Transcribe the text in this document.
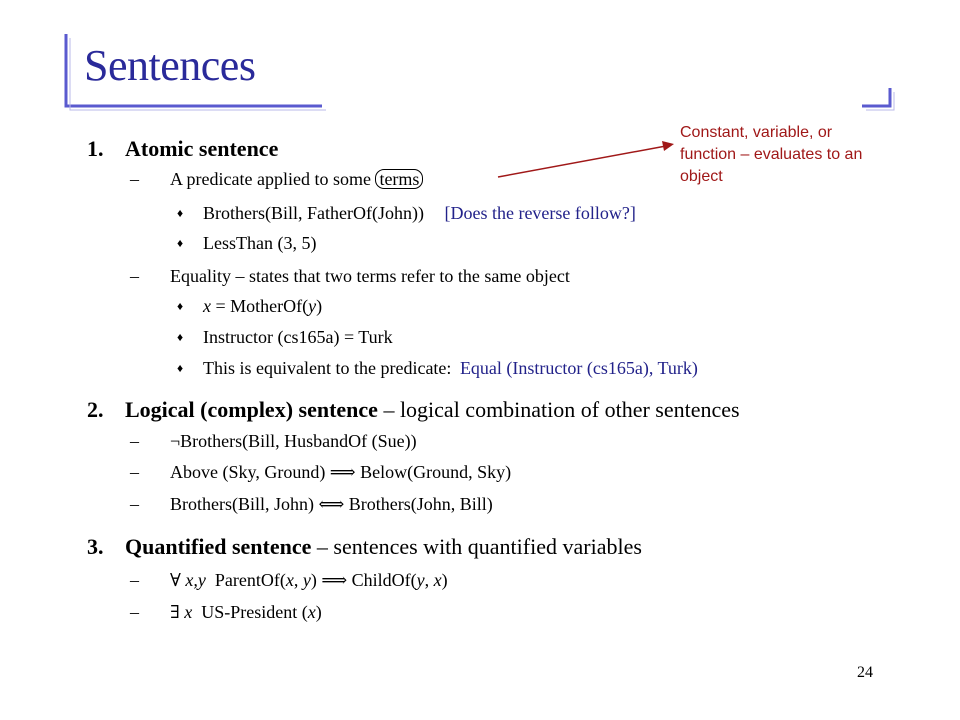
Sentences
Constant, variable, or
function – evaluates to an
object
1. Atomic sentence
– A predicate applied to some terms
♦ Brothers(Bill, FatherOf(John)) [Does the reverse follow?]
♦ LessThan (3, 5)
– Equality – states that two terms refer to the same object
♦ x = MotherOf(y)
♦ Instructor (cs165a) = Turk
♦ This is equivalent to the predicate: Equal (Instructor (cs165a), Turk)
2. Logical (complex) sentence – logical combination of other sentences
– ¬Brothers(Bill, HusbandOf (Sue))
– Above (Sky, Ground) ⟹ Below(Ground, Sky)
– Brothers(Bill, John) ⟺ Brothers(John, Bill)
3. Quantified sentence – sentences with quantified variables
– ∀ x,y  ParentOf(x, y) ⟹ ChildOf(y, x)
– ∃ x  US-President (x)
24
